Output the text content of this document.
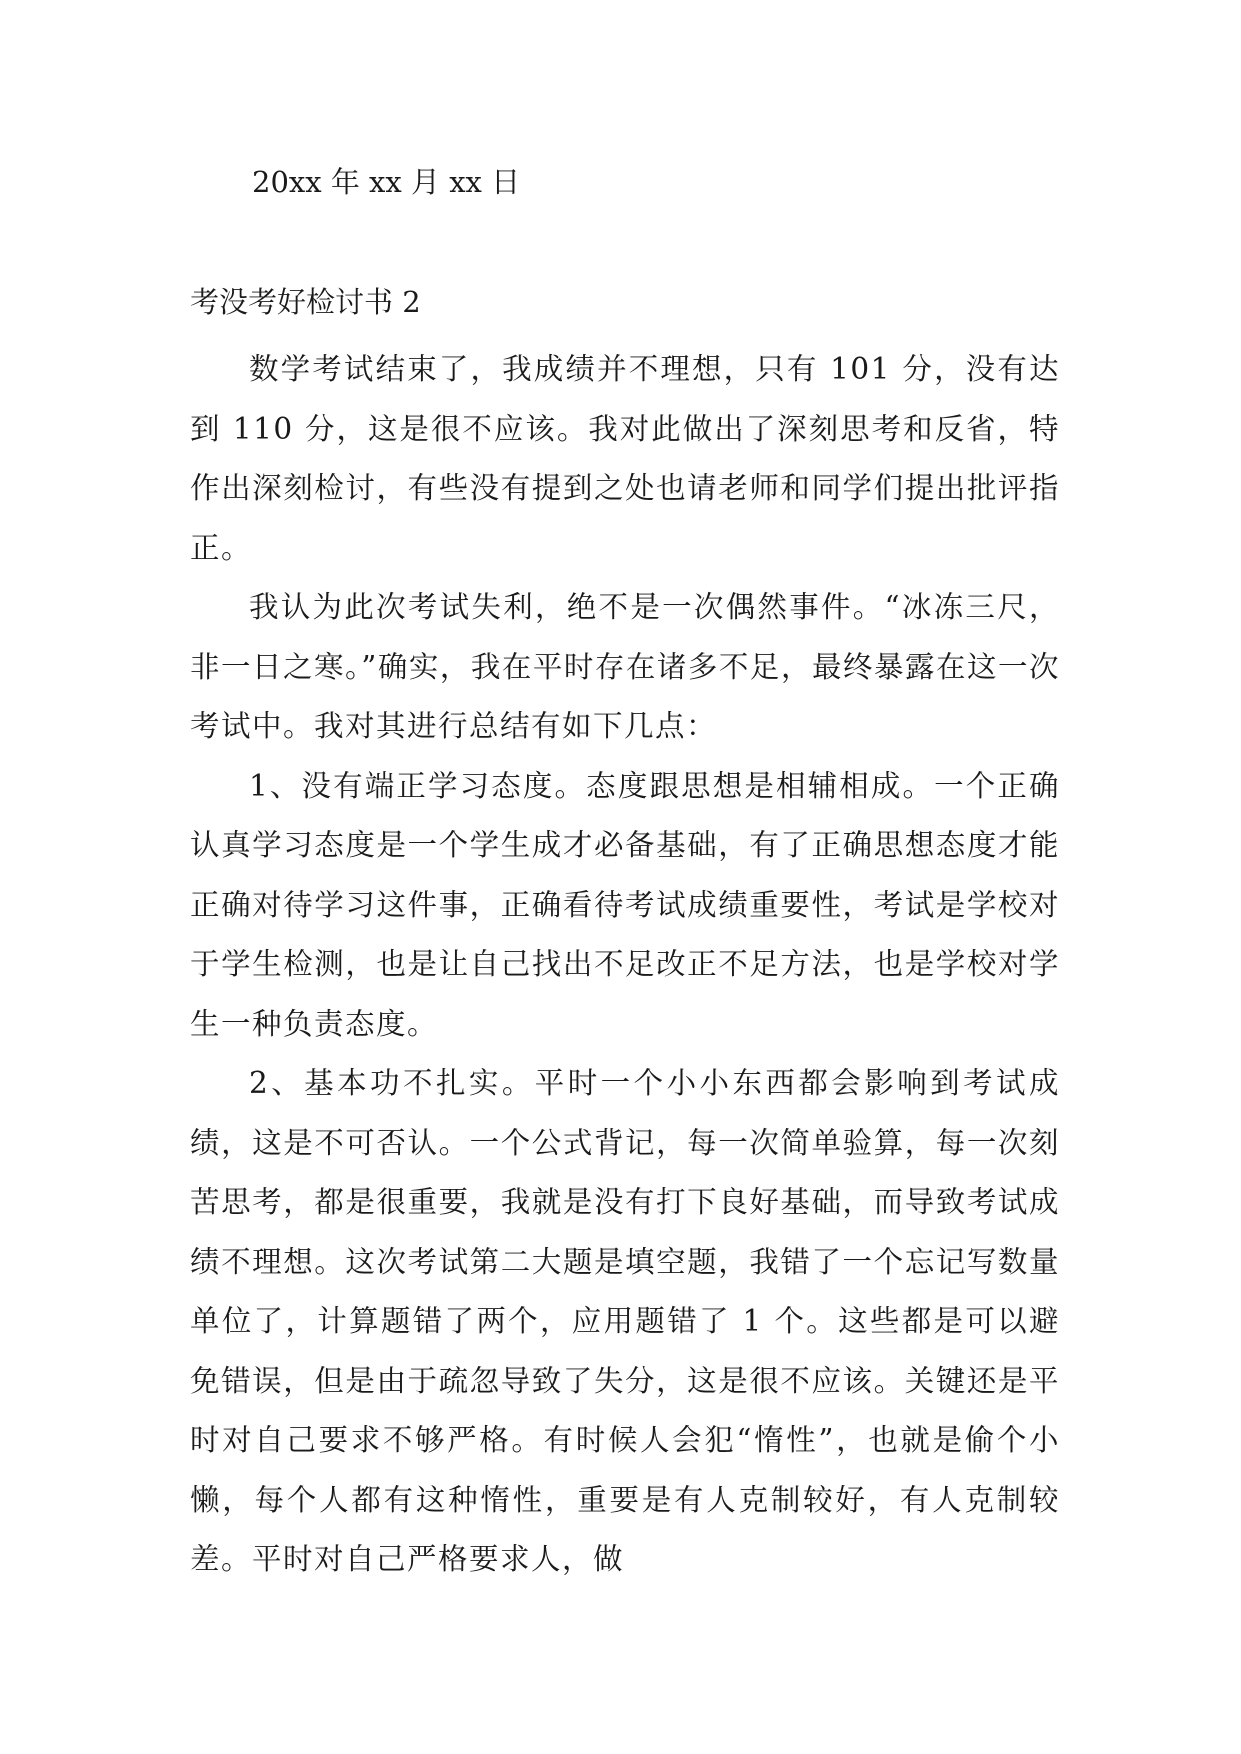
20xx 年 xx 月 xx 日
考没考好检讨书 2

数学考试结束了，我成绩并不理想，只有 101 分，没有达到 110 分，这是很不应该。我对此做出了深刻思考和反省，特作出深刻检讨，有些没有提到之处也请老师和同学们提出批评指正。

我认为此次考试失利，绝不是一次偶然事件。“冰冻三尺，非一日之寒。”确实，我在平时存在诸多不足，最终暴露在这一次考试中。我对其进行总结有如下几点：

1、没有端正学习态度。态度跟思想是相辅相成。一个正确认真学习态度是一个学生成才必备基础，有了正确思想态度才能正确对待学习这件事，正确看待考试成绩重要性，考试是学校对于学生检测，也是让自己找出不足改正不足方法，也是学校对学生一种负责态度。

2、基本功不扎实。平时一个小小东西都会影响到考试成绩，这是不可否认。一个公式背记，每一次简单验算，每一次刻苦思考，都是很重要，我就是没有打下良好基础，而导致考试成绩不理想。这次考试第二大题是填空题，我错了一个忘记写数量单位了，计算题错了两个，应用题错了 1 个。这些都是可以避免错误，但是由于疏忽导致了失分，这是很不应该。关键还是平时对自己要求不够严格。有时候人会犯“惰性”，也就是偷个小懒，每个人都有这种惰性，重要是有人克制较好，有人克制较差。平时对自己严格要求人，做
